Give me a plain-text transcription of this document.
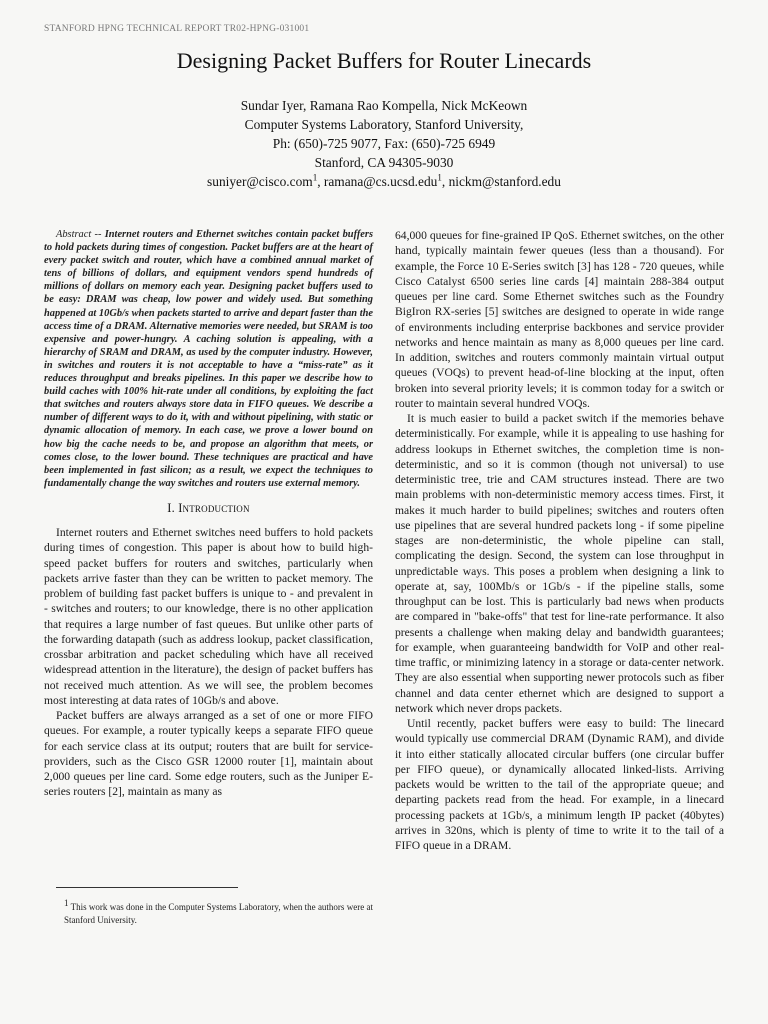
STANFORD HPNG TECHNICAL REPORT TR02-HPNG-031001
Designing Packet Buffers for Router Linecards
Sundar Iyer, Ramana Rao Kompella, Nick McKeown
Computer Systems Laboratory, Stanford University,
Ph: (650)-725 9077, Fax: (650)-725 6949
Stanford, CA 94305-9030
suniyer@cisco.com$^1$, ramana@cs.ucsd.edu$^1$, nickm@stanford.edu

Abstract -- Internet routers and Ethernet switches contain packet buffers to hold packets during times of congestion. Packet buffers are at the heart of every packet switch and router, which have a combined annual market of tens of billions of dollars, and equipment vendors spend hundreds of millions of dollars on memory each year. Designing packet buffers used to be easy: DRAM was cheap, low power and widely used. But something happened at 10Gb/s when packets started to arrive and depart faster than the access time of a DRAM. Alternative memories were needed, but SRAM is too expensive and power-hungry. A caching solution is appealing, with a hierarchy of SRAM and DRAM, as used by the computer industry. However, in switches and routers it is not acceptable to have a “miss-rate” as it reduces throughput and breaks pipelines. In this paper we describe how to build caches with 100% hit-rate under all conditions, by exploiting the fact that switches and routers always store data in FIFO queues. We describe a number of different ways to do it, with and without pipelining, with static or dynamic allocation of memory. In each case, we prove a lower bound on how big the cache needs to be, and propose an algorithm that meets, or comes close, to the lower bound. These techniques are practical and have been implemented in fast silicon; as a result, we expect the techniques to fundamentally change the way switches and routers use external memory.

I. Introduction

Internet routers and Ethernet switches need buffers to hold packets during times of congestion. This paper is about how to build high-speed packet buffers for routers and switches, particularly when packets arrive faster than they can be written to packet memory. The problem of building fast packet buffers is unique to - and prevalent in - switches and routers; to our knowledge, there is no other application that requires a large number of fast queues. But unlike other parts of the forwarding datapath (such as address lookup, packet classification, crossbar arbitration and packet scheduling which have all received widespread attention in the literature), the design of packet buffers has not received much attention. As we will see, the problem becomes most interesting at data rates of 10Gb/s and above.

Packet buffers are always arranged as a set of one or more FIFO queues. For example, a router typically keeps a separate FIFO queue for each service class at its output; routers that are built for service-providers, such as the Cisco GSR 12000 router [1], maintain about 2,000 queues per line card. Some edge routers, such as the Juniper E-series routers [2], maintain as many as

64,000 queues for fine-grained IP QoS. Ethernet switches, on the other hand, typically maintain fewer queues (less than a thousand). For example, the Force 10 E-Series switch [3] has 128 - 720 queues, while Cisco Catalyst 6500 series line cards [4] maintain 288-384 output queues per line card. Some Ethernet switches such as the Foundry BigIron RX-series [5] switches are designed to operate in wide range of environments including enterprise backbones and service provider networks and hence maintain as many as 8,000 queues per line card. In addition, switches and routers commonly maintain virtual output queues (VOQs) to prevent head-of-line blocking at the input, often broken into several priority levels; it is common today for a switch or router to maintain several hundred VOQs.

It is much easier to build a packet switch if the memories behave deterministically. For example, while it is appealing to use hashing for address lookups in Ethernet switches, the completion time is non-deterministic, and so it is common (though not universal) to use deterministic tree, trie and CAM structures instead. There are two main problems with non-deterministic memory access times. First, it makes it much harder to build pipelines; switches and routers often use pipelines that are several hundred packets long - if some pipeline stages are non-deterministic, the whole pipeline can stall, complicating the design. Second, the system can lose throughput in unpredictable ways. This poses a problem when designing a link to operate at, say, 100Mb/s or 1Gb/s - if the pipeline stalls, some throughput can be lost. This is particularly bad news when products are compared in "bake-offs" that test for line-rate performance. It also presents a challenge when making delay and bandwidth guarantees; for example, when guaranteeing bandwidth for VoIP and other real-time traffic, or minimizing latency in a storage or data-center network. They are also essential when supporting newer protocols such as fiber channel and data center ethernet which are designed to support a network which never drops packets.

Until recently, packet buffers were easy to build: The linecard would typically use commercial DRAM (Dynamic RAM), and divide it into either statically allocated circular buffers (one circular buffer per FIFO queue), or dynamically allocated linked-lists. Arriving packets would be written to the tail of the appropriate queue; and departing packets read from the head. For example, in a linecard processing packets at 1Gb/s, a minimum length IP packet (40bytes) arrives in 320ns, which is plenty of time to write it to the tail of a FIFO queue in a DRAM.

$^1$ This work was done in the Computer Systems Laboratory, when the authors were at Stanford University.
